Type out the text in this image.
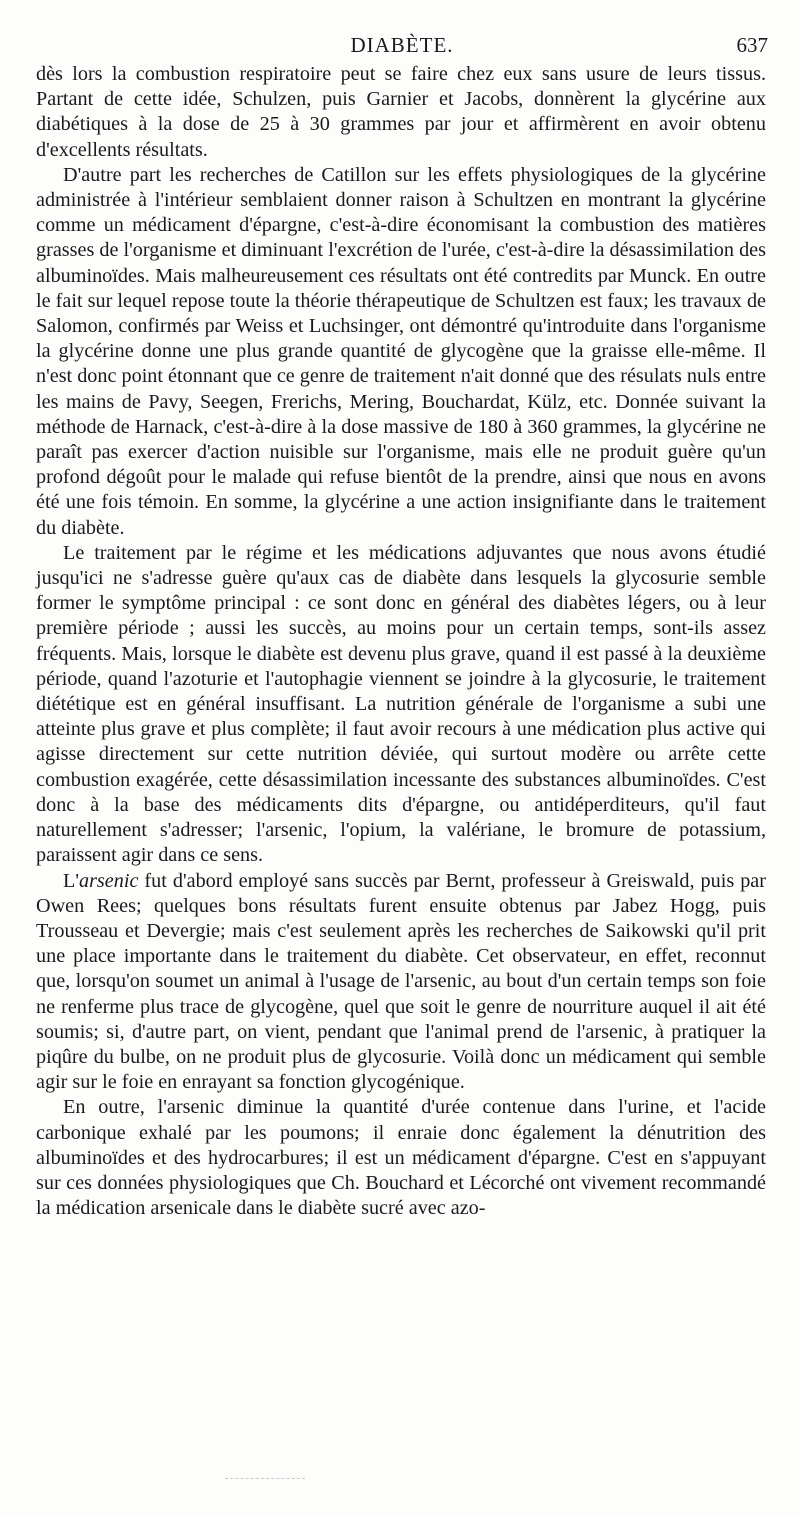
DIABÈTE.	637

dès lors la combustion respiratoire peut se faire chez eux sans usure de leurs tissus. Partant de cette idée, Schulzen, puis Garnier et Jacobs, donnèrent la glycérine aux diabétiques à la dose de 25 à 30 grammes par jour et affirmèrent en avoir obtenu d'excellents résultats.

D'autre part les recherches de Catillon sur les effets physiologiques de la glycérine administrée à l'intérieur semblaient donner raison à Schultzen en montrant la glycérine comme un médicament d'épargne, c'est-à-dire économisant la combustion des matières grasses de l'organisme et diminuant l'excrétion de l'urée, c'est-à-dire la désassimilation des albuminoïdes. Mais malheureusement ces résultats ont été contredits par Munck. En outre le fait sur lequel repose toute la théorie thérapeutique de Schultzen est faux; les travaux de Salomon, confirmés par Weiss et Luchsinger, ont démontré qu'introduite dans l'organisme la glycérine donne une plus grande quantité de glycogène que la graisse elle-même. Il n'est donc point étonnant que ce genre de traitement n'ait donné que des résulats nuls entre les mains de Pavy, Seegen, Frerichs, Mering, Bouchardat, Külz, etc. Donnée suivant la méthode de Harnack, c'est-à-dire à la dose massive de 180 à 360 grammes, la glycérine ne paraît pas exercer d'action nuisible sur l'organisme, mais elle ne produit guère qu'un profond dégoût pour le malade qui refuse bientôt de la prendre, ainsi que nous en avons été une fois témoin. En somme, la glycérine a une action insignifiante dans le traitement du diabète.

Le traitement par le régime et les médications adjuvantes que nous avons étudié jusqu'ici ne s'adresse guère qu'aux cas de diabète dans lesquels la glycosurie semble former le symptôme principal : ce sont donc en général des diabètes légers, ou à leur première période ; aussi les succès, au moins pour un certain temps, sont-ils assez fréquents. Mais, lorsque le diabète est devenu plus grave, quand il est passé à la deuxième période, quand l'azoturie et l'autophagie viennent se joindre à la glycosurie, le traitement diététique est en général insuffisant. La nutrition générale de l'organisme a subi une atteinte plus grave et plus complète; il faut avoir recours à une médication plus active qui agisse directement sur cette nutrition déviée, qui surtout modère ou arrête cette combustion exagérée, cette désassimilation incessante des substances albuminoïdes. C'est donc à la base des médicaments dits d'épargne, ou antidéperditeurs, qu'il faut naturellement s'adresser; l'arsenic, l'opium, la valériane, le bromure de potassium, paraissent agir dans ce sens.

L'arsenic fut d'abord employé sans succès par Bernt, professeur à Greiswald, puis par Owen Rees; quelques bons résultats furent ensuite obtenus par Jabez Hogg, puis Trousseau et Devergie; mais c'est seulement après les recherches de Saikowski qu'il prit une place importante dans le traitement du diabète. Cet observateur, en effet, reconnut que, lorsqu'on soumet un animal à l'usage de l'arsenic, au bout d'un certain temps son foie ne renferme plus trace de glycogène, quel que soit le genre de nourriture auquel il ait été soumis; si, d'autre part, on vient, pendant que l'animal prend de l'arsenic, à pratiquer la piqûre du bulbe, on ne produit plus de glycosurie. Voilà donc un médicament qui semble agir sur le foie en enrayant sa fonction glycogénique.

En outre, l'arsenic diminue la quantité d'urée contenue dans l'urine, et l'acide carbonique exhalé par les poumons; il enraie donc également la dénutrition des albuminoïdes et des hydrocarbures; il est un médicament d'épargne. C'est en s'appuyant sur ces données physiologiques que Ch. Bouchard et Lécorché ont vivement recommandé la médication arsenicale dans le diabète sucré avec azo-
